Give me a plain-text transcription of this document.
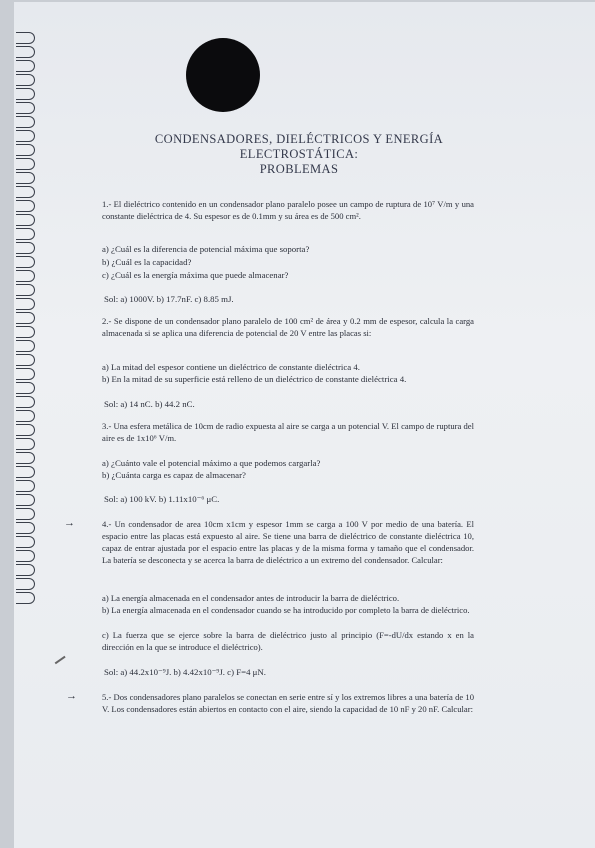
CONDENSADORES, DIELÉCTRICOS Y ENERGÍA
ELECTROSTÁTICA:
PROBLEMAS
1.- El dieléctrico contenido en un condensador plano paralelo posee un campo de ruptura de 10⁷ V/m y una constante dieléctrica de 4. Su espesor es de 0.1mm y su área es de 500 cm².
a) ¿Cuál es la diferencia de potencial máxima que soporta?
b) ¿Cuál es la capacidad?
c) ¿Cuál es la energía máxima que puede almacenar?
Sol: a) 1000V. b) 17.7nF. c) 8.85 mJ.
2.- Se dispone de un condensador plano paralelo de 100 cm² de área y 0.2 mm de espesor, calcula la carga almacenada si se aplica una diferencia de potencial de 20 V entre las placas si:
a) La mitad del espesor contiene un dieléctrico de constante dieléctrica 4.
b) En la mitad de su superficie está relleno de un dieléctrico de constante dieléctrica 4.
Sol: a) 14 nC. b) 44.2 nC.
3.- Una esfera metálica de 10cm de radio expuesta al aire se carga a un potencial V. El campo de ruptura del aire es de 1x10⁶ V/m.
a) ¿Cuánto vale el potencial máximo a que podemos cargarla?
b) ¿Cuánta carga es capaz de almacenar?
Sol: a) 100 kV. b) 1.11x10⁻⁶ μC.
→	4.- Un condensador de area 10cm x1cm y espesor 1mm se carga a 100 V por medio de una batería. El espacio entre las placas está expuesto al aire. Se tiene una barra de dieléctrico de constante dieléctrica 10, capaz de entrar ajustada por el espacio entre las placas y de la misma forma y tamaño que el condensador. La batería se desconecta y se acerca la barra de dieléctrico a un extremo del condensador. Calcular:
a) La energía almacenada en el condensador antes de introducir la barra de dieléctrico.
b) La energía almacenada en el condensador cuando se ha introducido por completo la barra de dieléctrico.
c) La fuerza que se ejerce sobre la barra de dieléctrico justo al principio (F=-dU/dx estando x en la dirección en la que se introduce el dieléctrico).
Sol: a) 44.2x10⁻⁹J. b) 4.42x10⁻⁹J. c) F=4 μN.
→	5.- Dos condensadores plano paralelos se conectan en serie entre sí y los extremos libres a una batería de 10 V. Los condensadores están abiertos en contacto con el aire, siendo la capacidad de 10 nF y 20 nF. Calcular:
